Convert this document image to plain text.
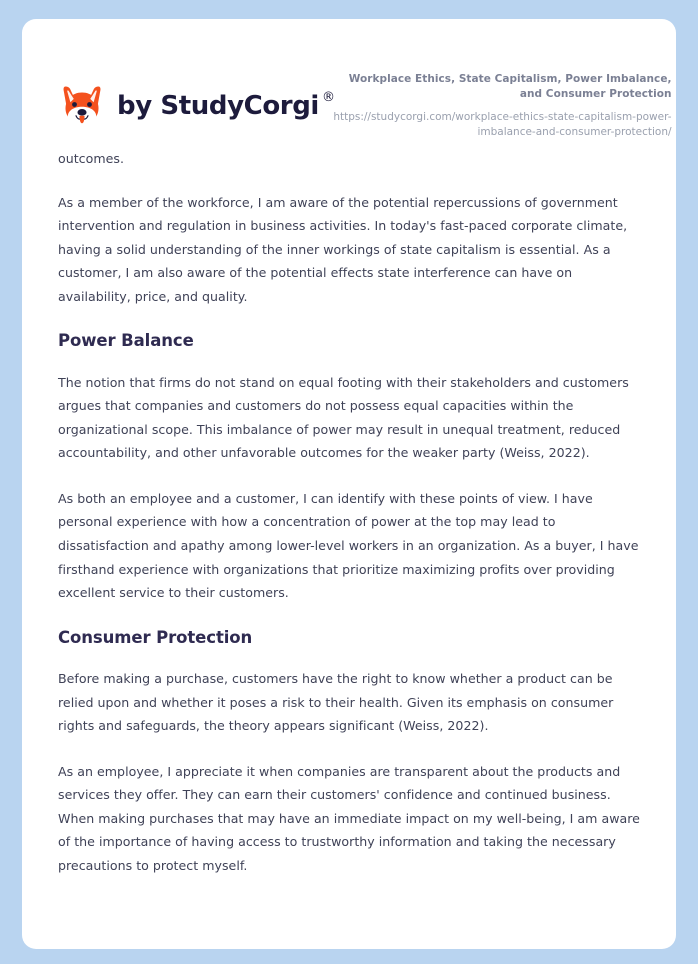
by StudyCorgi ®
Workplace Ethics, State Capitalism, Power Imbalance, and Consumer Protection
https://studycorgi.com/workplace-ethics-state-capitalism-power-imbalance-and-consumer-protection/

outcomes.

As a member of the workforce, I am aware of the potential repercussions of government intervention and regulation in business activities. In today's fast-paced corporate climate, having a solid understanding of the inner workings of state capitalism is essential. As a customer, I am also aware of the potential effects state interference can have on availability, price, and quality.

Power Balance

The notion that firms do not stand on equal footing with their stakeholders and customers argues that companies and customers do not possess equal capacities within the organizational scope. This imbalance of power may result in unequal treatment, reduced accountability, and other unfavorable outcomes for the weaker party (Weiss, 2022).

As both an employee and a customer, I can identify with these points of view. I have personal experience with how a concentration of power at the top may lead to dissatisfaction and apathy among lower-level workers in an organization. As a buyer, I have firsthand experience with organizations that prioritize maximizing profits over providing excellent service to their customers.

Consumer Protection

Before making a purchase, customers have the right to know whether a product can be relied upon and whether it poses a risk to their health. Given its emphasis on consumer rights and safeguards, the theory appears significant (Weiss, 2022).

As an employee, I appreciate it when companies are transparent about the products and services they offer. They can earn their customers' confidence and continued business. When making purchases that may have an immediate impact on my well-being, I am aware of the importance of having access to trustworthy information and taking the necessary precautions to protect myself.
